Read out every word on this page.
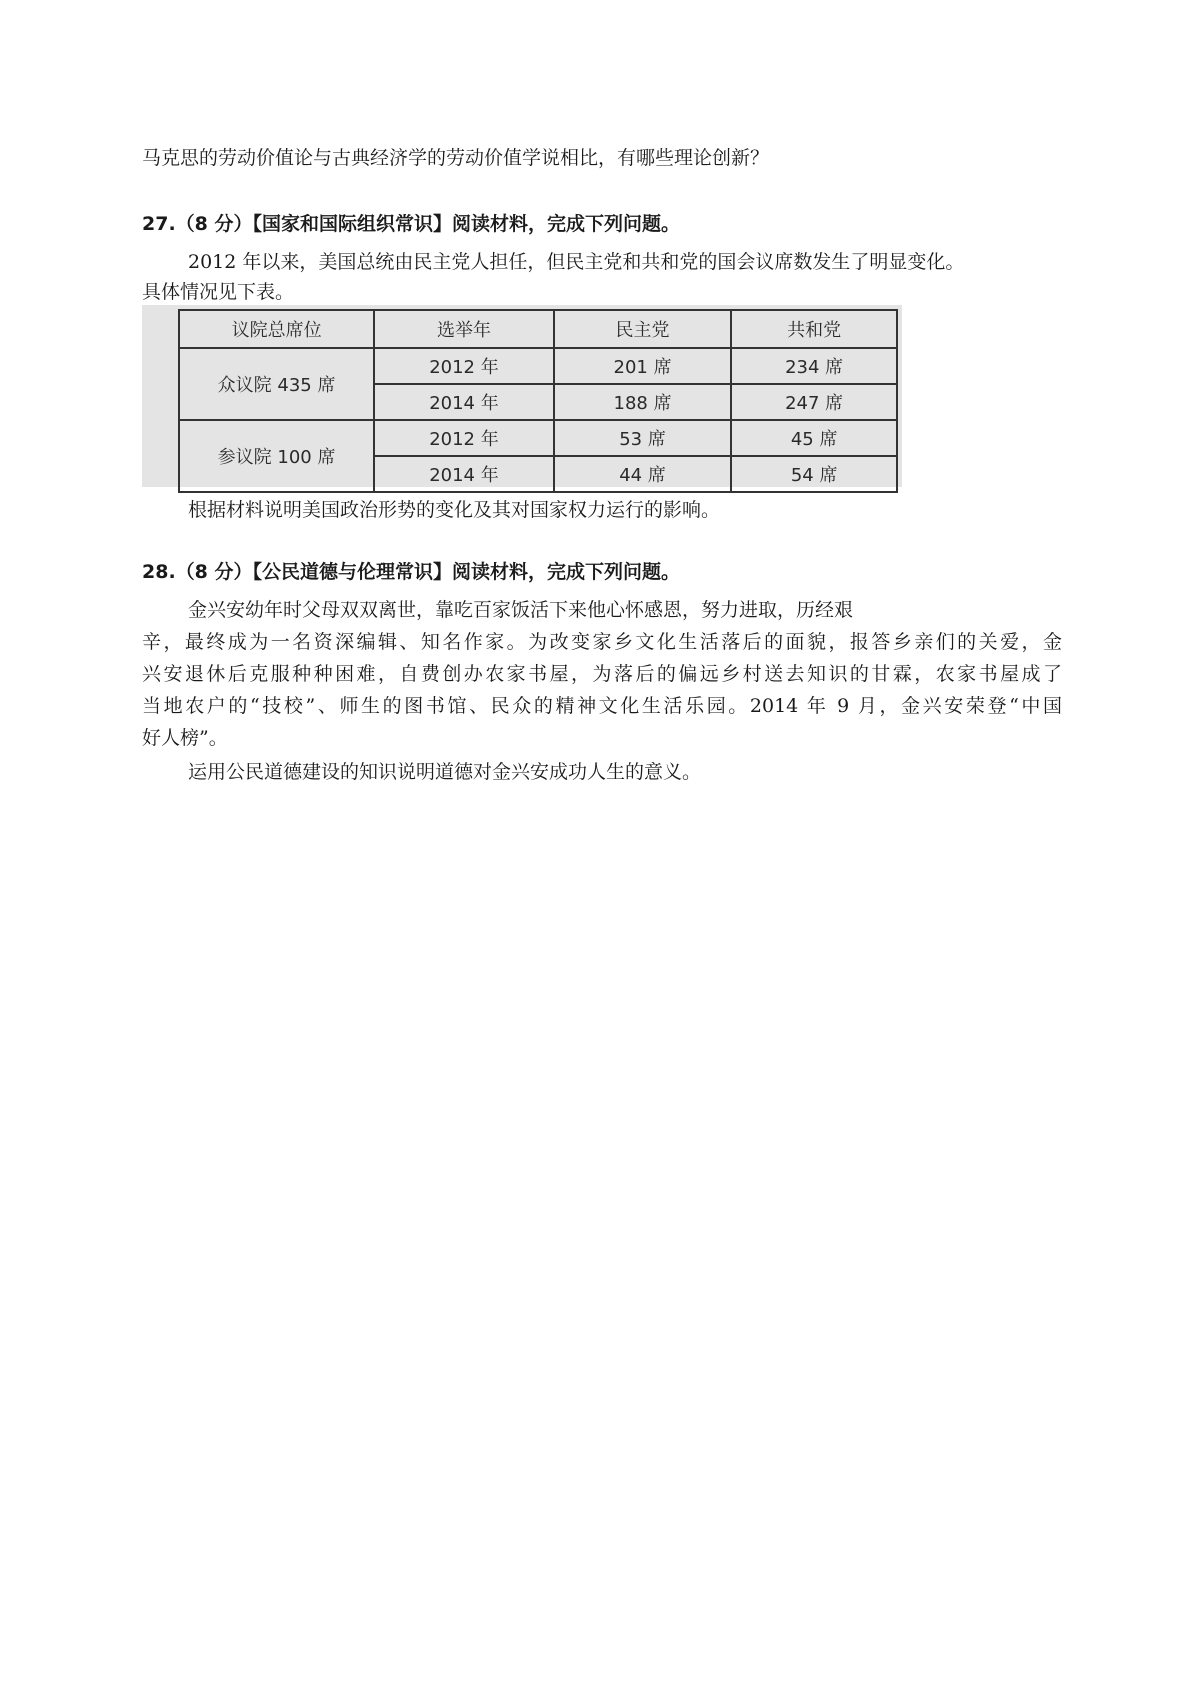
马克思的劳动价值论与古典经济学的劳动价值学说相比，有哪些理论创新？
27.（8 分）【国家和国际组织常识】阅读材料，完成下列问题。
2012 年以来，美国总统由民主党人担任，但民主党和共和党的国会议席数发生了明显变化。
具体情况见下表。
议院总席位	选举年	民主党	共和党
众议院 435 席	2012 年	201 席	234 席
	2014 年	188 席	247 席
参议院 100 席	2012 年	53 席	45 席
	2014 年	44 席	54 席
根据材料说明美国政治形势的变化及其对国家权力运行的影响。
28.（8 分）【公民道德与伦理常识】阅读材料，完成下列问题。
金兴安幼年时父母双双离世，靠吃百家饭活下来他心怀感恩，努力进取，历经艰
辛，最终成为一名资深编辑、知名作家。为改变家乡文化生活落后的面貌，报答乡亲们的关爱，金
兴安退休后克服种种困难，自费创办农家书屋，为落后的偏远乡村送去知识的甘霖，农家书屋成了
当地农户的“技校”、师生的图书馆、民众的精神文化生活乐园。2014 年 9 月，金兴安荣登“中国
好人榜”。
运用公民道德建设的知识说明道德对金兴安成功人生的意义。
